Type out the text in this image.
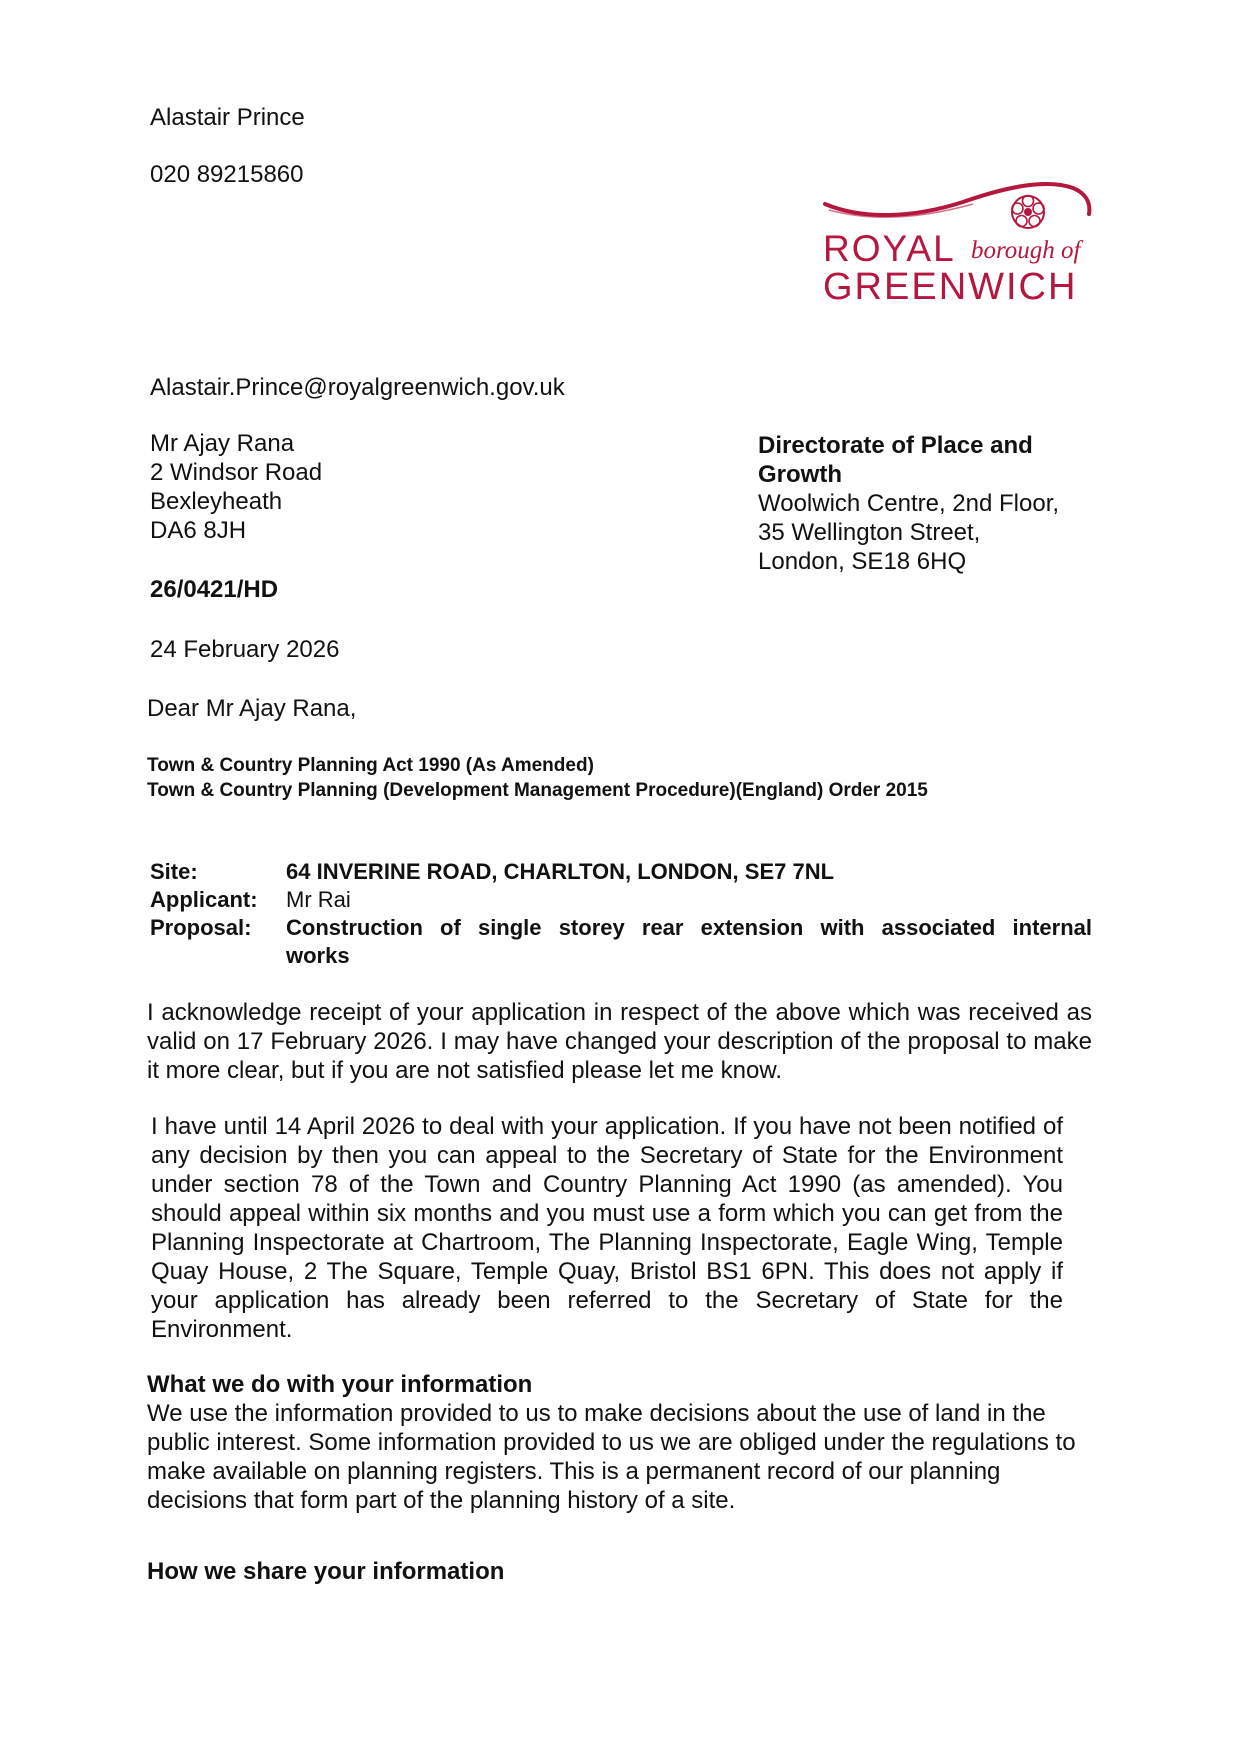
Alastair Prince
020 89215860
ROYAL borough of
GREENWICH
Alastair.Prince@royalgreenwich.gov.uk
Mr Ajay Rana
2 Windsor Road
Bexleyheath
DA6 8JH
Directorate of Place and
Growth
Woolwich Centre, 2nd Floor,
35 Wellington Street,
London, SE18 6HQ
26/0421/HD
24 February 2026
Dear Mr Ajay Rana,
Town & Country Planning Act 1990 (As Amended)
Town & Country Planning (Development Management Procedure)(England) Order 2015
Site:	64 INVERINE ROAD, CHARLTON, LONDON, SE7 7NL
Applicant:	Mr Rai
Proposal:	Construction of single storey rear extension with associated internal works
I acknowledge receipt of your application in respect of the above which was received as valid on 17 February 2026. I may have changed your description of the proposal to make it more clear, but if you are not satisfied please let me know.
I have until 14 April 2026 to deal with your application. If you have not been notified of any decision by then you can appeal to the Secretary of State for the Environment under section 78 of the Town and Country Planning Act 1990 (as amended). You should appeal within six months and you must use a form which you can get from the Planning Inspectorate at Chartroom, The Planning Inspectorate, Eagle Wing, Temple Quay House, 2 The Square, Temple Quay, Bristol BS1 6PN. This does not apply if your application has already been referred to the Secretary of State for the Environment.
What we do with your information
We use the information provided to us to make decisions about the use of land in the public interest. Some information provided to us we are obliged under the regulations to make available on planning registers. This is a permanent record of our planning decisions that form part of the planning history of a site.
How we share your information
